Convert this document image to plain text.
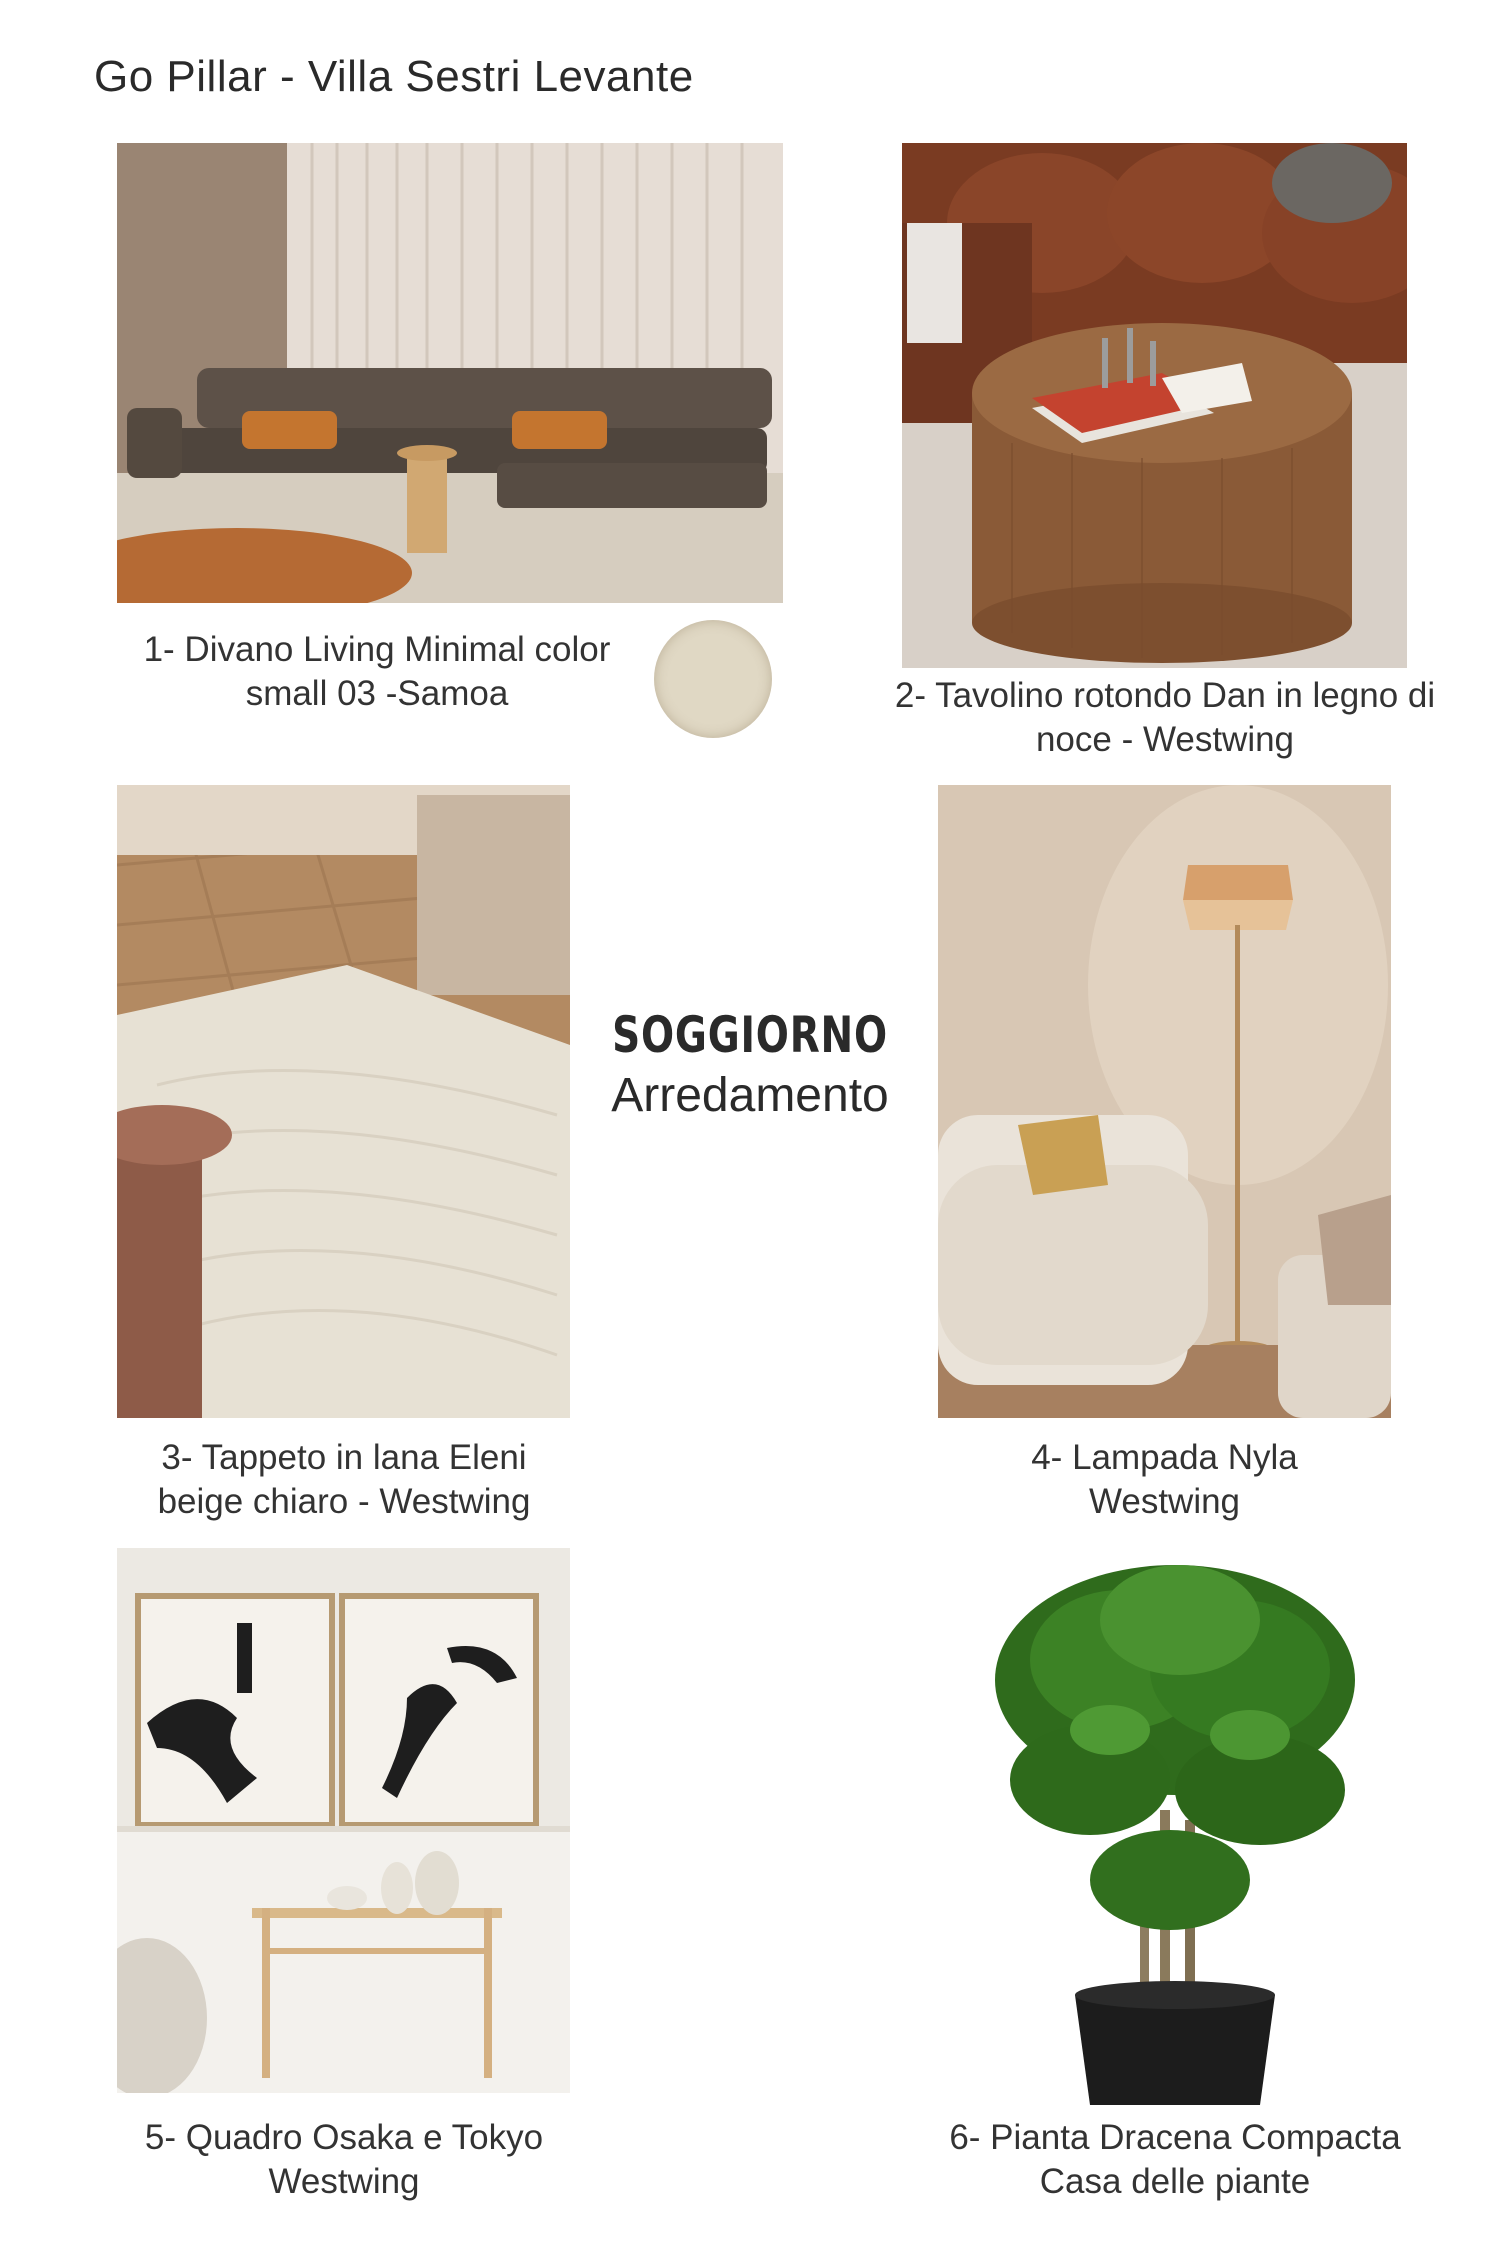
Go Pillar - Villa Sestri Levante
1- Divano Living Minimal color
small 03 -Samoa	2- Tavolino rotondo Dan in legno di
noce - Westwing
3- Tappeto in lana Eleni
beige chiaro - Westwing
SOGGIORNO
Arredamento
4- Lampada Nyla
Westwing
5- Quadro Osaka e Tokyo
Westwing
6- Pianta Dracena Compacta
Casa delle piante
